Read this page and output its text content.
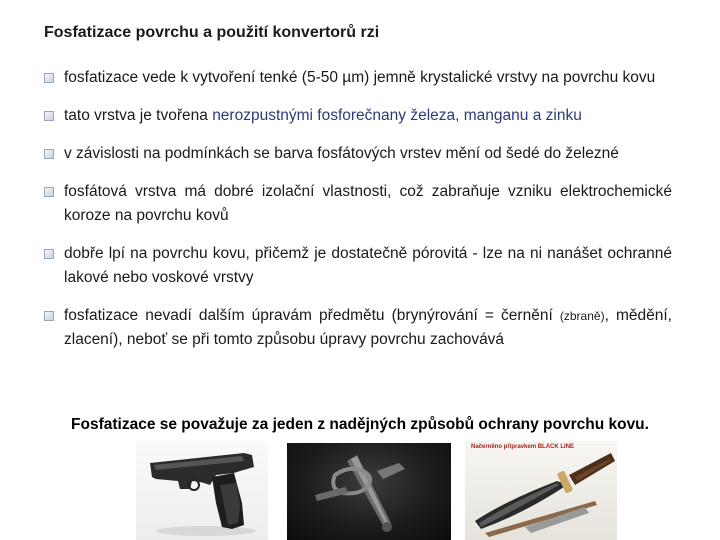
Fosfatizace povrchu a použití konvertorů rzi
fosfatizace vede k vytvoření tenké (5-50 µm) jemně krystalické vrstvy na povrchu kovu
tato vrstva je tvořena nerozpustnými fosforečnany železa, manganu a zinku
v závislosti na podmínkách se barva fosfátových vrstev mění od šedé do železné
fosfátová vrstva má dobré izolační vlastnosti, což zabraňuje vzniku elektrochemické koroze na povrchu kovů
dobře lpí na povrchu kovu, přičemž je dostatečně pórovitá - lze na ni nanášet ochranné lakové nebo voskové vrstvy
fosfatizace nevadí dalším úpravám předmětu (brynýrování = černění (zbraně), mědění, zlacení), neboť se při tomto způsobu úpravy povrchu zachovává
Fosfatizace se považuje za jeden z nadějných způsobů ochrany povrchu kovu.
Načerněno přípravkem BLACK LINE
